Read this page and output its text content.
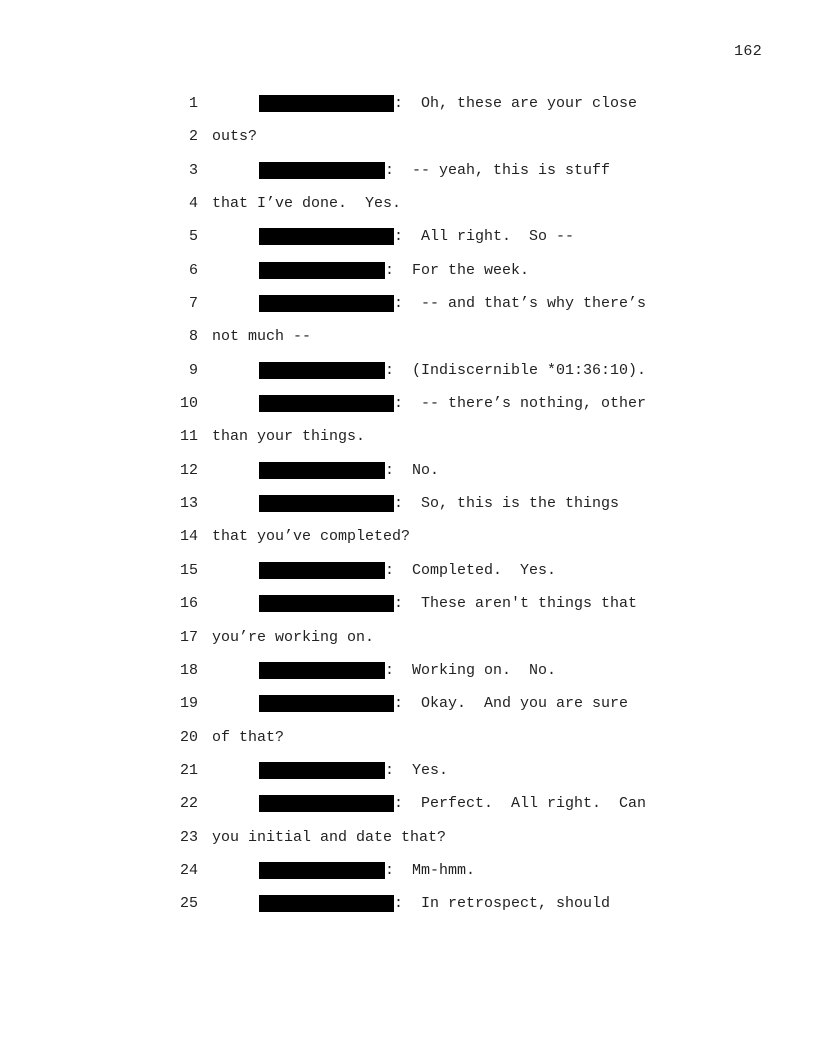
162
1	:  Oh, these are your close
2 outs?
3	:  -- yeah, this is stuff
4 that I’ve done.  Yes.
5	:  All right.  So --
6	:  For the week.
7	:  -- and that’s why there’s
8 not much --
9	:  (Indiscernible *01:36:10).
10	:  -- there’s nothing, other
11 than your things.
12	:  No.
13	:  So, this is the things
14 that you’ve completed?
15	:  Completed.  Yes.
16	:  These aren't things that
17 you’re working on.
18	:  Working on.  No.
19	:  Okay.  And you are sure
20 of that?
21	:  Yes.
22	:  Perfect.  All right.  Can
23 you initial and date that?
24	:  Mm-hmm.
25	:  In retrospect, should
